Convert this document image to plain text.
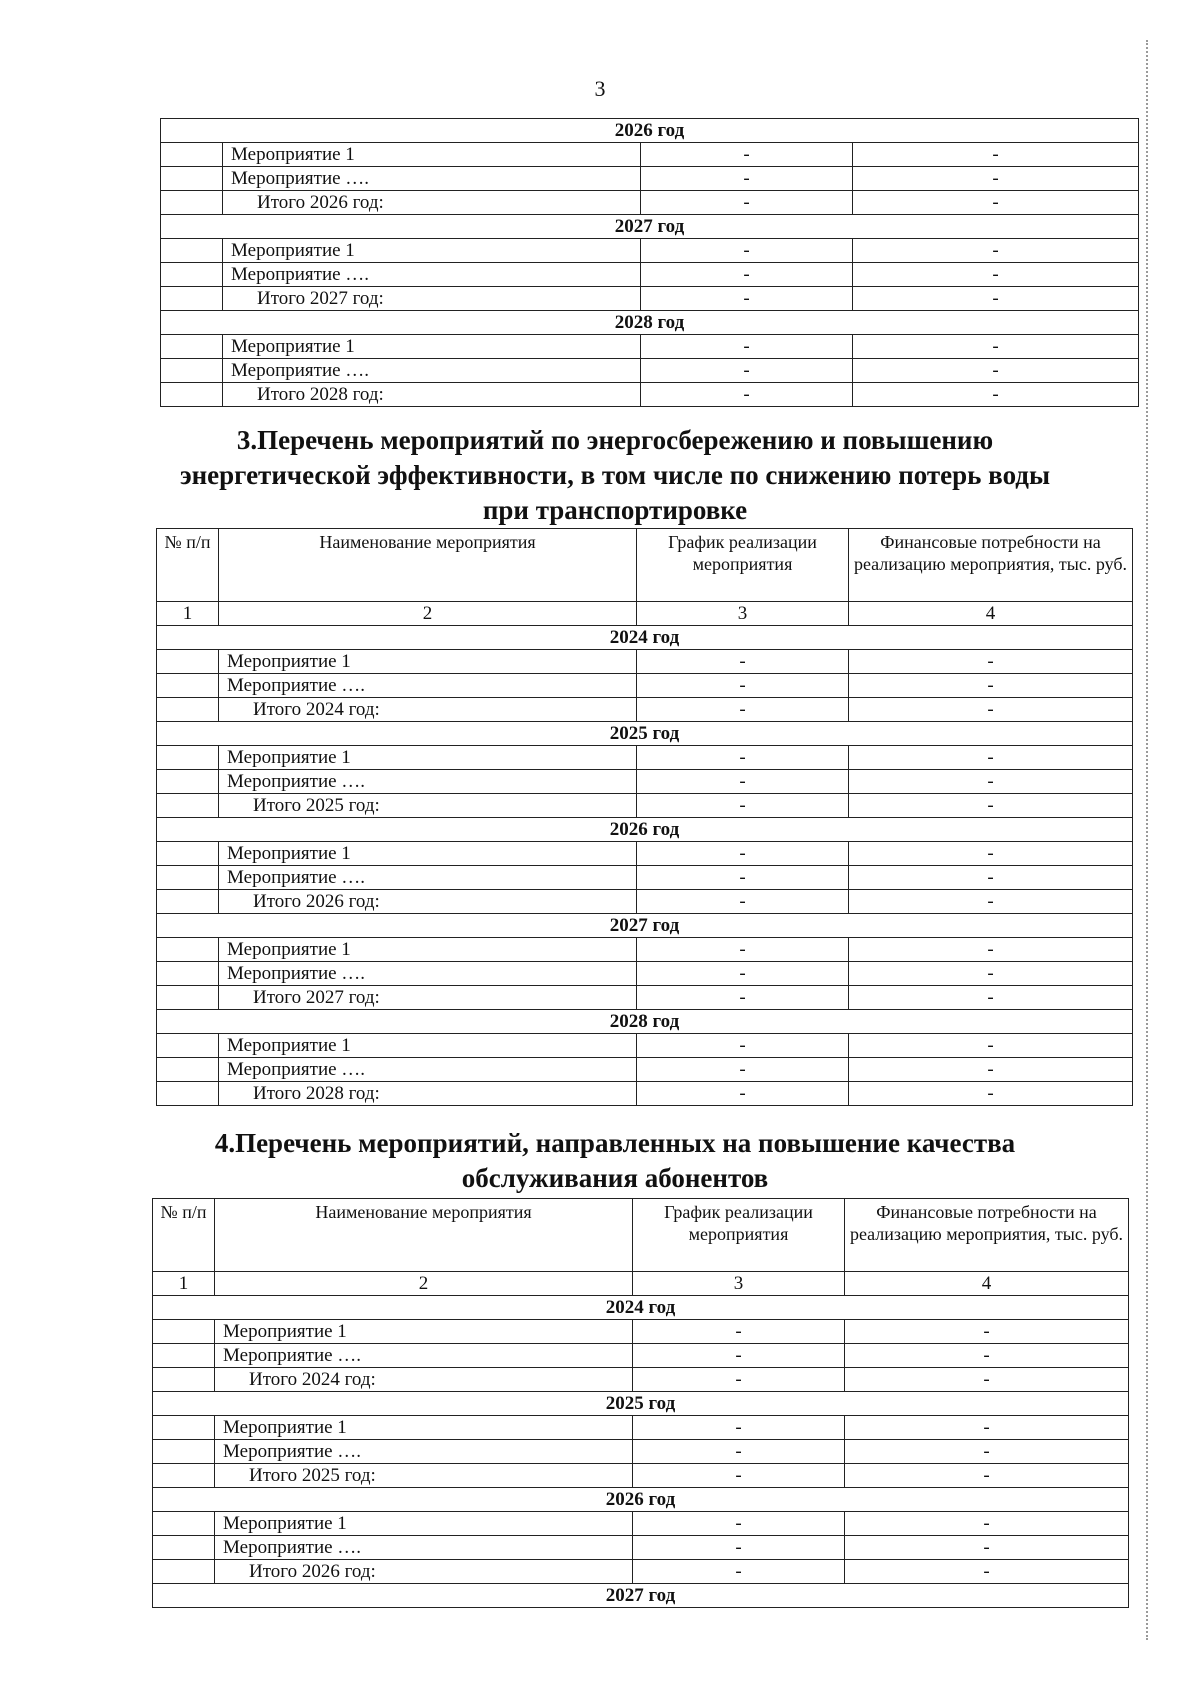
3
2026 год			
	Мероприятие 1	-	-
	Мероприятие ….	-	-
	Итого 2026 год:	-	-
2027 год			
	Мероприятие 1	-	-
	Мероприятие ….	-	-
	Итого 2027 год:	-	-
2028 год			
	Мероприятие 1	-	-
	Мероприятие ….	-	-
	Итого 2028 год:	-	-
3.Перечень мероприятий по энергосбережению и повышению
энергетической эффективности, в том числе по снижению потерь воды
при транспортировке
№ п/п	Наименование мероприятия	График реализации мероприятия	Финансовые потребности на реализацию мероприятия, тыс. руб.
1	2	3	4
2024 год			
	Мероприятие 1	-	-
	Мероприятие ….	-	-
	Итого 2024 год:	-	-
2025 год			
	Мероприятие 1	-	-
	Мероприятие ….	-	-
	Итого 2025 год:	-	-
2026 год			
	Мероприятие 1	-	-
	Мероприятие ….	-	-
	Итого 2026 год:	-	-
2027 год			
	Мероприятие 1	-	-
	Мероприятие ….	-	-
	Итого 2027 год:	-	-
2028 год			
	Мероприятие 1	-	-
	Мероприятие ….	-	-
	Итого 2028 год:	-	-
4.Перечень мероприятий, направленных на повышение качества
обслуживания абонентов
№ п/п	Наименование мероприятия	График реализации мероприятия	Финансовые потребности на реализацию мероприятия, тыс. руб.
1	2	3	4
2024 год			
	Мероприятие 1	-	-
	Мероприятие ….	-	-
	Итого 2024 год:	-	-
2025 год			
	Мероприятие 1	-	-
	Мероприятие ….	-	-
	Итого 2025 год:	-	-
2026 год			
	Мероприятие 1	-	-
	Мероприятие ….	-	-
	Итого 2026 год:	-	-
2027 год			
